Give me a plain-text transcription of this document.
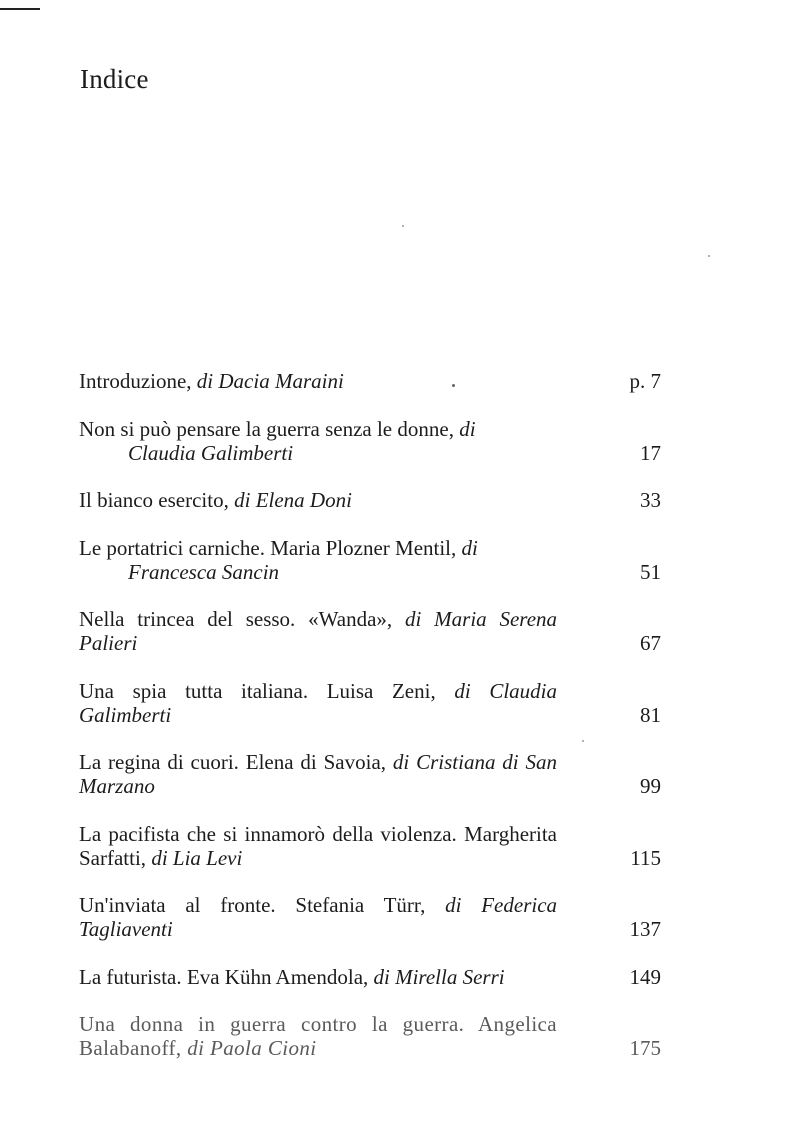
Indice
Introduzione, di Dacia Maraini	p. 7
Non si può pensare la guerra senza le donne, di
Claudia Galimberti	17
Il bianco esercito, di Elena Doni	33
Le portatrici carniche. Maria Plozner Mentil, di
Francesca Sancin	51
Nella trincea del sesso. «Wanda», di Maria Serena Palieri	67
Una spia tutta italiana. Luisa Zeni, di Claudia Galimberti	81
La regina di cuori. Elena di Savoia, di Cristiana di San Marzano	99
La pacifista che si innamorò della violenza. Margherita Sarfatti, di Lia Levi	115
Un'inviata al fronte. Stefania Türr, di Federica Tagliaventi	137
La futurista. Eva Kühn Amendola, di Mirella Serri	149
Una donna in guerra contro la guerra. Angelica Balabanoff, di Paola Cioni	175
